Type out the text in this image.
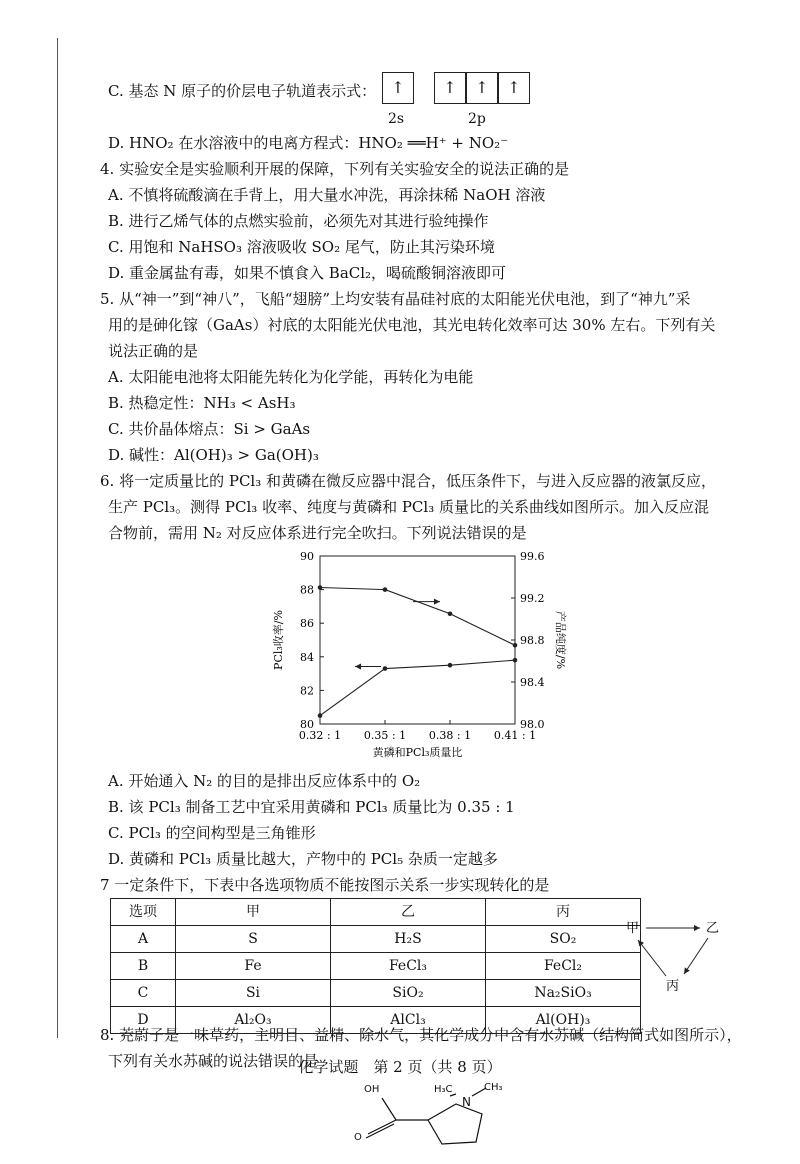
C. 基态 N 原子的价层电子轨道表示式： ↑	↑	↑	↑
2s	2p
D. HNO₂ 在水溶液中的电离方程式：HNO₂ ══H⁺ + NO₂⁻
4. 实验安全是实验顺利开展的保障，下列有关实验安全的说法正确的是
A. 不慎将硫酸滴在手背上，用大量水冲洗，再涂抹稀 NaOH 溶液
B. 进行乙烯气体的点燃实验前，必须先对其进行验纯操作
C. 用饱和 NaHSO₃ 溶液吸收 SO₂ 尾气，防止其污染环境
D. 重金属盐有毒，如果不慎食入 BaCl₂，喝硫酸铜溶液即可
5. 从“神一”到“神八”，飞船“翅膀”上均安装有晶硅衬底的太阳能光伏电池，到了“神九”采
用的是砷化镓（GaAs）衬底的太阳能光伏电池，其光电转化效率可达 30% 左右。下列有关
说法正确的是
A. 太阳能电池将太阳能先转化为化学能，再转化为电能
B. 热稳定性：NH₃ < AsH₃
C. 共价晶体熔点：Si > GaAs
D. 碱性：Al(OH)₃ > Ga(OH)₃
6. 将一定质量比的 PCl₃ 和黄磷在微反应器中混合，低压条件下，与进入反应器的液氯反应，
生产 PCl₃。测得 PCl₃ 收率、纯度与黄磷和 PCl₃ 质量比的关系曲线如图所示。加入反应混
合物前，需用 N₂ 对反应体系进行完全吹扫。下列说法错误的是
80
82
84
86
88
90
98.0
98.4
98.8
99.2
99.6
0.32 : 1 0.35 : 1 0.38 : 1 0.41 : 1
黄磷和PCl₃质量比
PCl₃收率/%	产品纯度/%
A. 开始通入 N₂ 的目的是排出反应体系中的 O₂
B. 该 PCl₃ 制备工艺中宜采用黄磷和 PCl₃ 质量比为 0.35 : 1
C. PCl₃ 的空间构型是三角锥形
D. 黄磷和 PCl₃ 质量比越大，产物中的 PCl₅ 杂质一定越多
7 一定条件下，下表中各选项物质不能按图示关系一步实现转化的是
选项	甲	乙	丙
A	S	H₂S	SO₂
B	Fe	FeCl₃	FeCl₂
C	Si	SiO₂	Na₂SiO₃
D	Al₂O₃	AlCl₃	Al(OH)₃
甲	乙
丙
8. 茺蔚子是一味草药，主明目、益精、除水气，其化学成分中含有水苏碱（结构简式如图所示），
下列有关水苏碱的说法错误的是
OH	H₃C	CH₃
N
O
化学试题　第 2 页（共 8 页）
